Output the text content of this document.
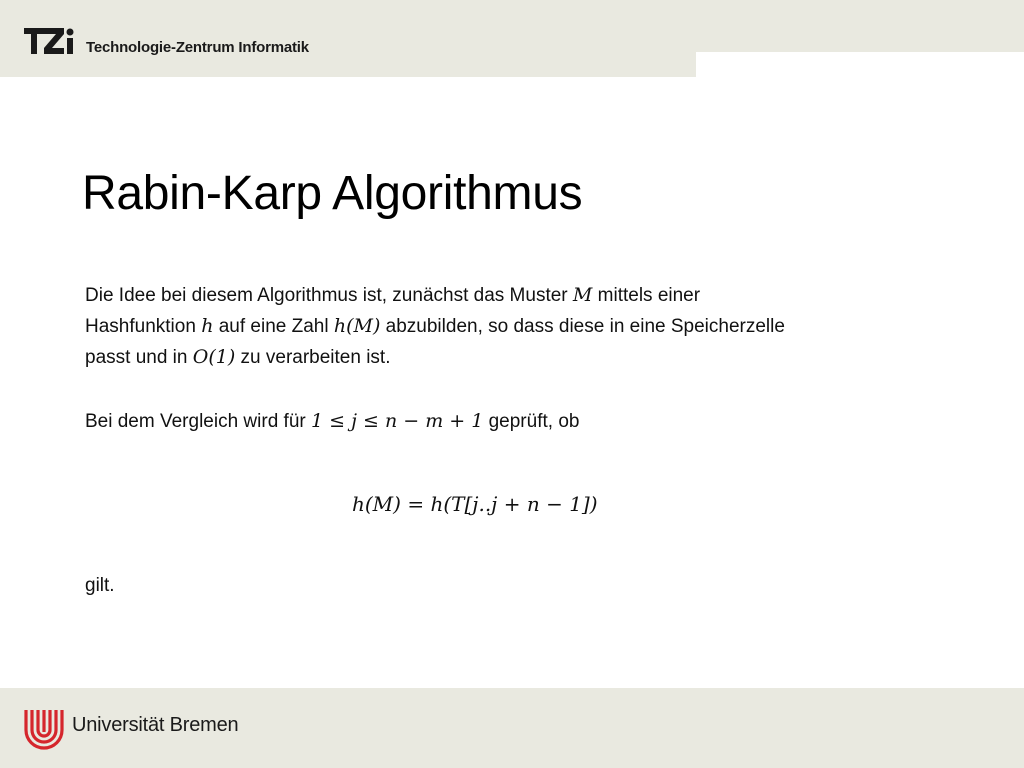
Technologie-Zentrum Informatik
Rabin-Karp Algorithmus
Die Idee bei diesem Algorithmus ist, zunächst das Muster M mittels einer
Hashfunktion h auf eine Zahl h(M) abzubilden, so dass diese in eine Speicherzelle
passt und in O(1) zu verarbeiten ist.
Bei dem Vergleich wird für 1 ≤ j ≤ n − m + 1 geprüft, ob
h(M) = h(T[j..j + n − 1])
gilt.
Universität Bremen
